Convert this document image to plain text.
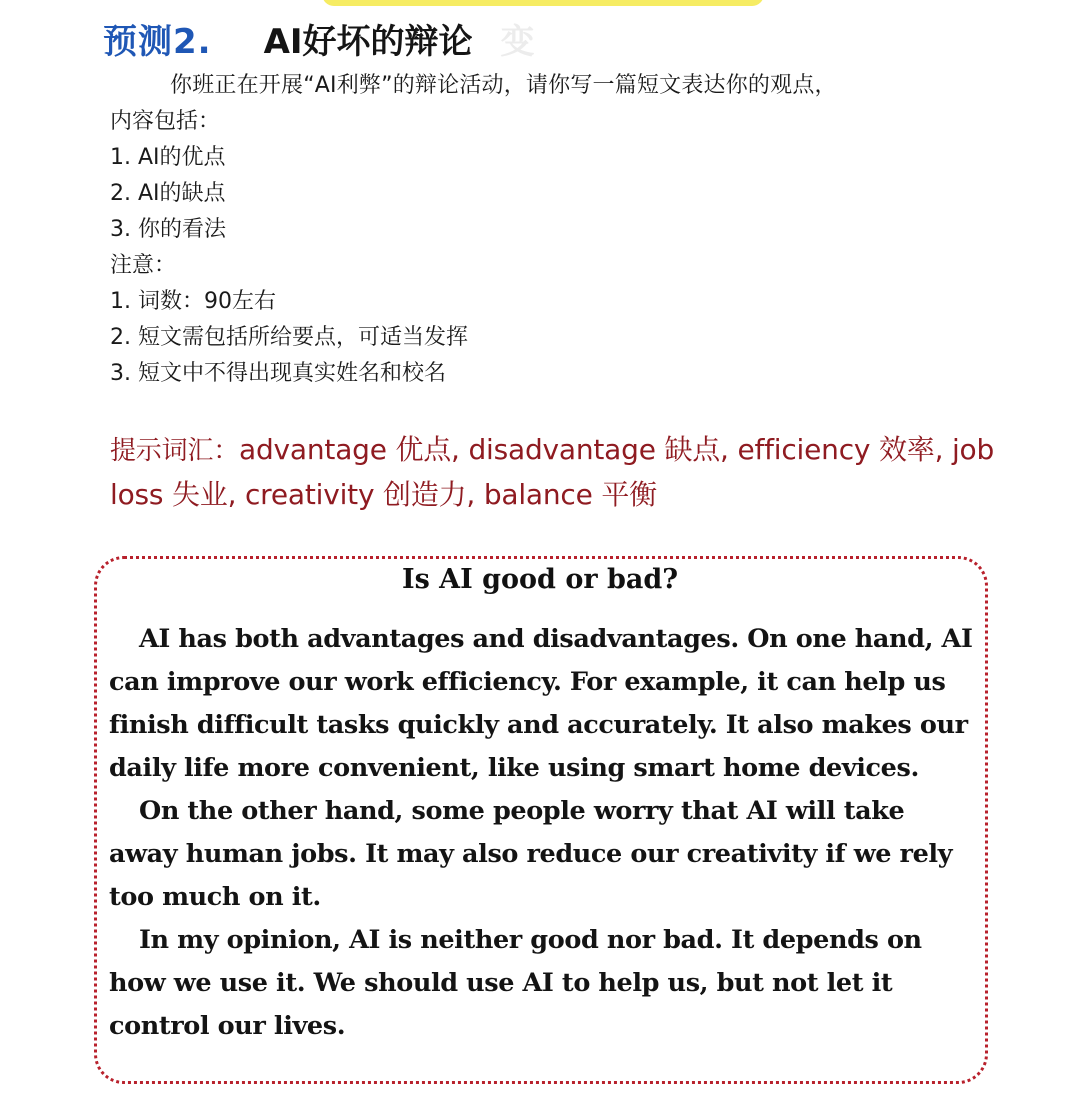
预测2. AI好坏的辩论 变

你班正在开展“AI利弊”的辩论活动，请你写一篇短文表达你的观点，

内容包括：

1. AI的优点

2. AI的缺点

3. 你的看法

注意：

1. 词数：90左右

2. 短文需包括所给要点，可适当发挥

3. 短文中不得出现真实姓名和校名

提示词汇：advantage 优点, disadvantage 缺点, efficiency 效率, job loss 失业, creativity 创造力, balance 平衡
Is AI good or bad?

AI has both advantages and disadvantages. On one hand, AI can improve our work efficiency. For example, it can help us finish difficult tasks quickly and accurately. It also makes our daily life more convenient, like using smart home devices.

On the other hand, some people worry that AI will take away human jobs. It may also reduce our creativity if we rely too much on it.

In my opinion, AI is neither good nor bad. It depends on how we use it. We should use AI to help us, but not let it control our lives.
